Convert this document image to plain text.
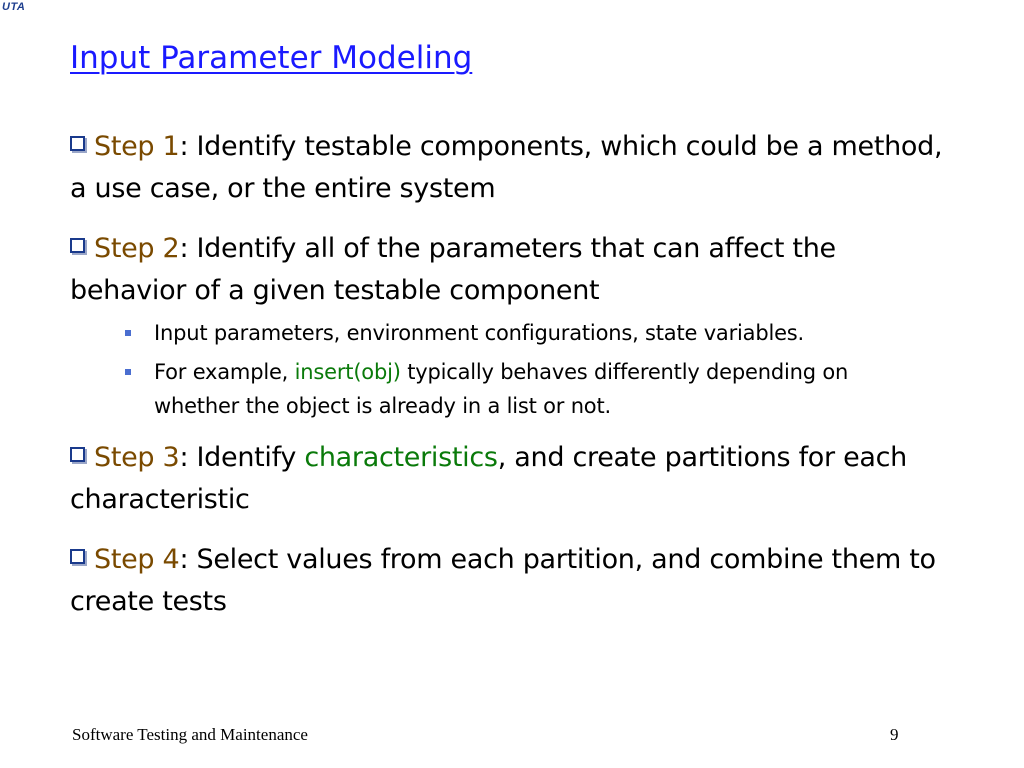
UTA
Input Parameter Modeling

Step 1: Identify testable components, which could be a method, a use case, or the entire system

Step 2: Identify all of the parameters that can affect the behavior of a given testable component

Input parameters, environment configurations, state variables.
For example, insert(obj) typically behaves differently depending on whether the object is already in a list or not.

Step 3: Identify characteristics, and create partitions for each characteristic

Step 4: Select values from each partition, and combine them to create tests

Software Testing and Maintenance	9
